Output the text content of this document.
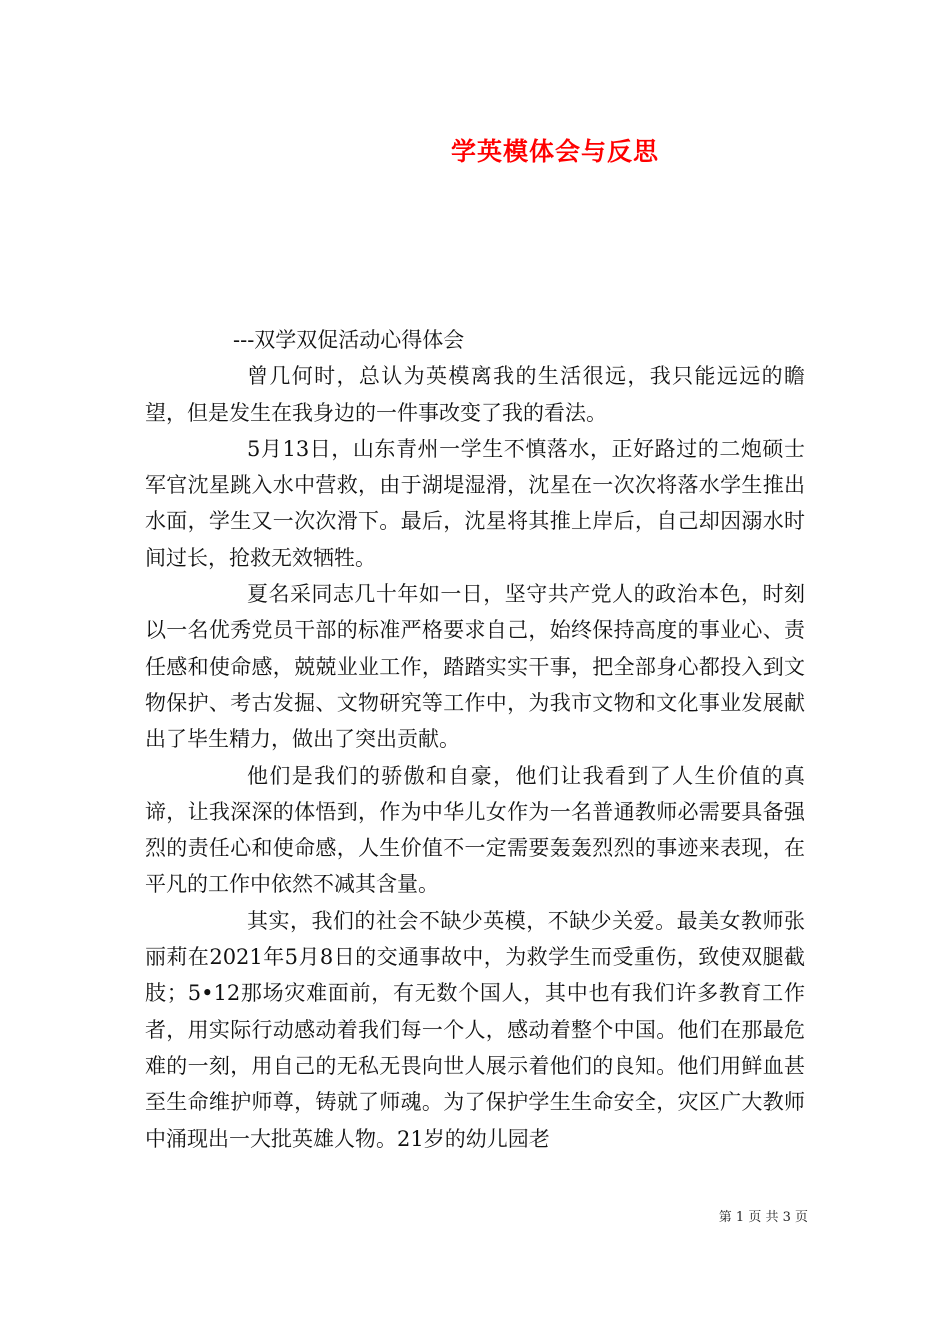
学英模体会与反思

---双学双促活动心得体会

曾几何时，总认为英模离我的生活很远，我只能远远的瞻望，但是发生在我身边的一件事改变了我的看法。

5月13日，山东青州一学生不慎落水，正好路过的二炮硕士军官沈星跳入水中营救，由于湖堤湿滑，沈星在一次次将落水学生推出水面，学生又一次次滑下。最后，沈星将其推上岸后，自己却因溺水时间过长，抢救无效牺牲。

夏名采同志几十年如一日，坚守共产党人的政治本色，时刻以一名优秀党员干部的标准严格要求自己，始终保持高度的事业心、责任感和使命感，兢兢业业工作，踏踏实实干事，把全部身心都投入到文物保护、考古发掘、文物研究等工作中，为我市文物和文化事业发展献出了毕生精力，做出了突出贡献。

他们是我们的骄傲和自豪，他们让我看到了人生价值的真谛，让我深深的体悟到，作为中华儿女作为一名普通教师必需要具备强烈的责任心和使命感，人生价值不一定需要轰轰烈烈的事迹来表现，在平凡的工作中依然不减其含量。

其实，我们的社会不缺少英模，不缺少关爱。最美女教师张丽莉在2021年5月8日的交通事故中，为救学生而受重伤，致使双腿截肢；5•12那场灾难面前，有无数个国人，其中也有我们许多教育工作者，用实际行动感动着我们每一个人，感动着整个中国。他们在那最危难的一刻，用自己的无私无畏向世人展示着他们的良知。他们用鲜血甚至生命维护师尊，铸就了师魂。为了保护学生生命安全，灾区广大教师中涌现出一大批英雄人物。21岁的幼儿园老

第 1 页 共 3 页
